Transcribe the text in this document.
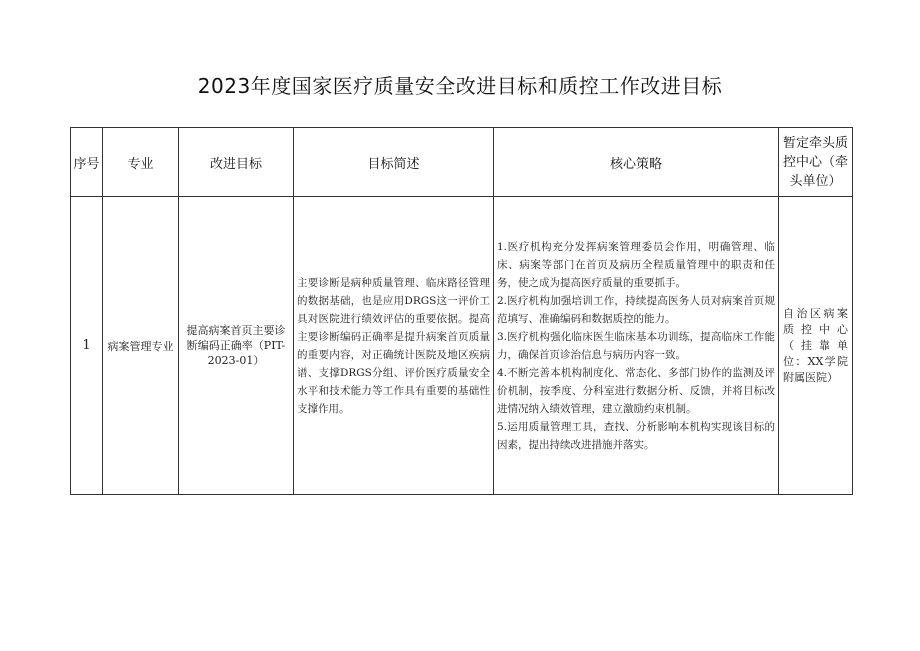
2023年度国家医疗质量安全改进目标和质控工作改进目标
序号	专业	改进目标	目标简述	核心策略	暂定牵头质控中心（牵头单位）
1	病案管理专业	提高病案首页主要诊断编码正确率（PIT-2023-01）	主要诊断是病种质量管理、临床路径管理的数据基础，也是应用DRGS这一评价工具对医院进行绩效评估的重要依据。提高主要诊断编码正确率是提升病案首页质量的重要内容，对正确统计医院及地区疾病谱、支撑DRGS分组、评价医疗质量安全水平和技术能力等工作具有重要的基础性支撑作用。	1.医疗机构充分发挥病案管理委员会作用，明确管理、临床、病案等部门在首页及病历全程质量管理中的职责和任务，使之成为提高医疗质量的重要抓手。
2.医疗机构加强培训工作，持续提高医务人员对病案首页规范填写、准确编码和数据质控的能力。
3.医疗机构强化临床医生临床基本功训练，提高临床工作能力，确保首页诊治信息与病历内容一致。
4.不断完善本机构制度化、常态化、多部门协作的监测及评价机制，按季度、分科室进行数据分析、反馈，并将目标改进情况纳入绩效管理，建立激励约束机制。
5.运用质量管理工具，查找、分析影响本机构实现该目标的因素，提出持续改进措施并落实。	自治区病案质控中心（挂靠单位：XX学院附属医院）
